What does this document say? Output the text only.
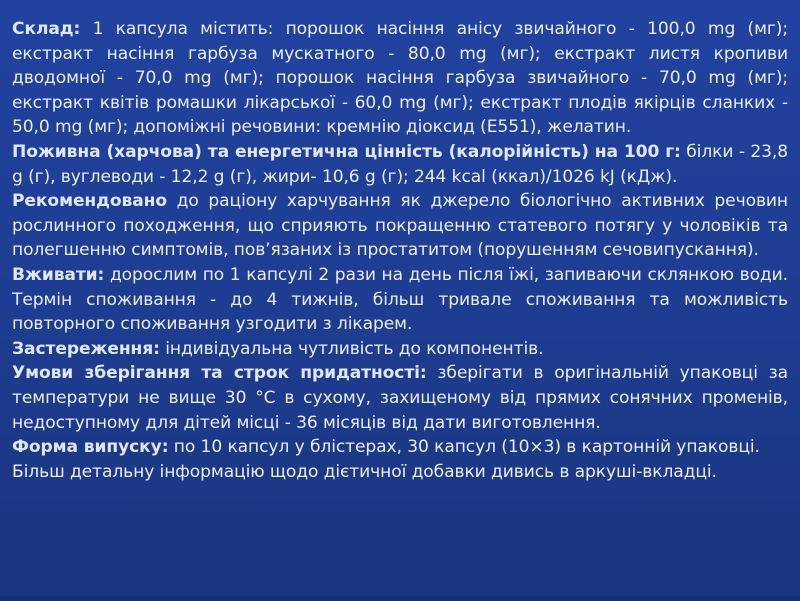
Склад: 1 капсула містить: порошок насіння анісу звичайного - 100,0 mg (мг); екстракт насіння гарбуза мускатного - 80,0 mg (мг); екстракт листя кропиви дводомної - 70,0 mg (мг); порошок насіння гарбуза звичайного - 70,0 mg (мг); екстракт квітів ромашки лікарської - 60,0 mg (мг); екстракт плодів якірців сланких - 50,0 mg (мг); допоміжні речовини: кремнію діоксид (E551), желатин.

Поживна (харчова) та енергетична цінність (калорійність) на 100 г: білки - 23,8 g (г), вуглеводи - 12,2 g (г), жири- 10,6 g (г); 244 kcal (ккал)/1026 kJ (кДж).

Рекомендовано до раціону харчування як джерело біологічно активних речовин рослинного походження, що сприяють покращенню статевого потягу у чоловіків та полегшенню симптомів, пов’язаних із простатитом (порушенням сечовипускання).

Вживати: дорослим по 1 капсулі 2 рази на день після їжі, запиваючи склянкою води. Термін споживання - до 4 тижнів, більш тривале споживання та можливість повторного споживання узгодити з лікарем.

Застереження: індивідуальна чутливість до компонентів.

Умови зберігання та строк придатності: зберігати в оригінальній упаковці за температури не вище 30 °С в сухому, захищеному від прямих сонячних променів, недоступному для дітей місці - 36 місяців від дати виготовлення.

Форма випуску: по 10 капсул у блістерах, 30 капсул (10×3) в картонній упаковці.

Більш детальну інформацію щодо дієтичної добавки дивись в аркуші-вкладці.
